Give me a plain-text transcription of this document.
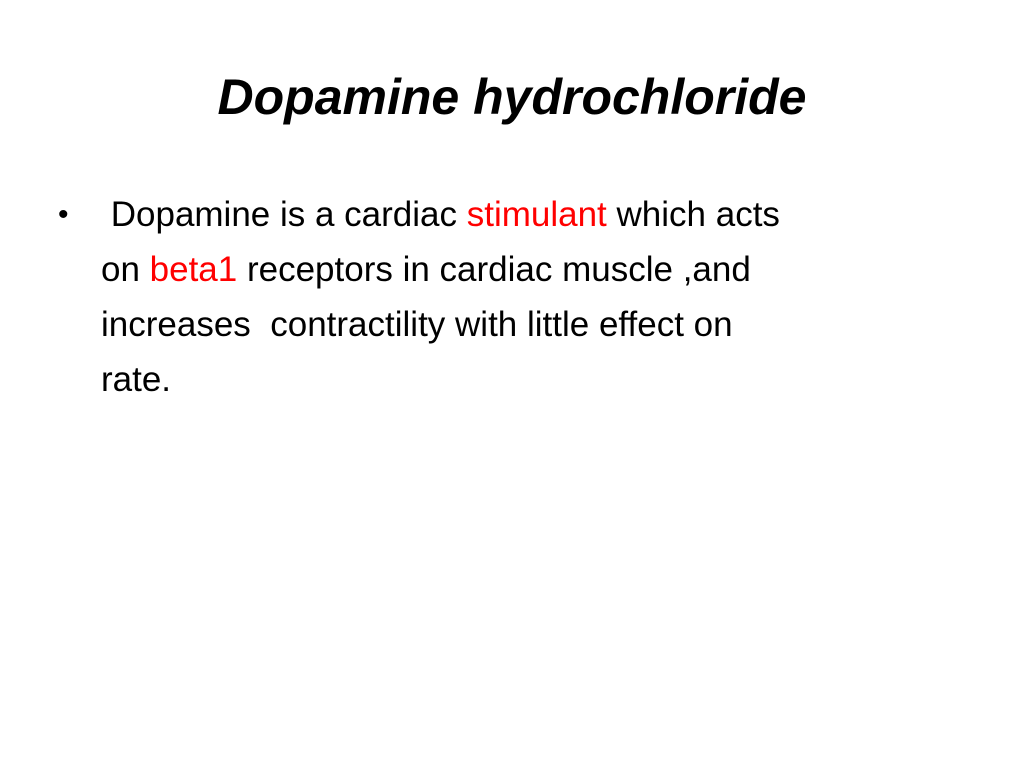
Dopamine hydrochloride
• Dopamine is a cardiac stimulant which acts
on beta1 receptors in cardiac muscle ,and
increases  contractility with little effect on
rate.
